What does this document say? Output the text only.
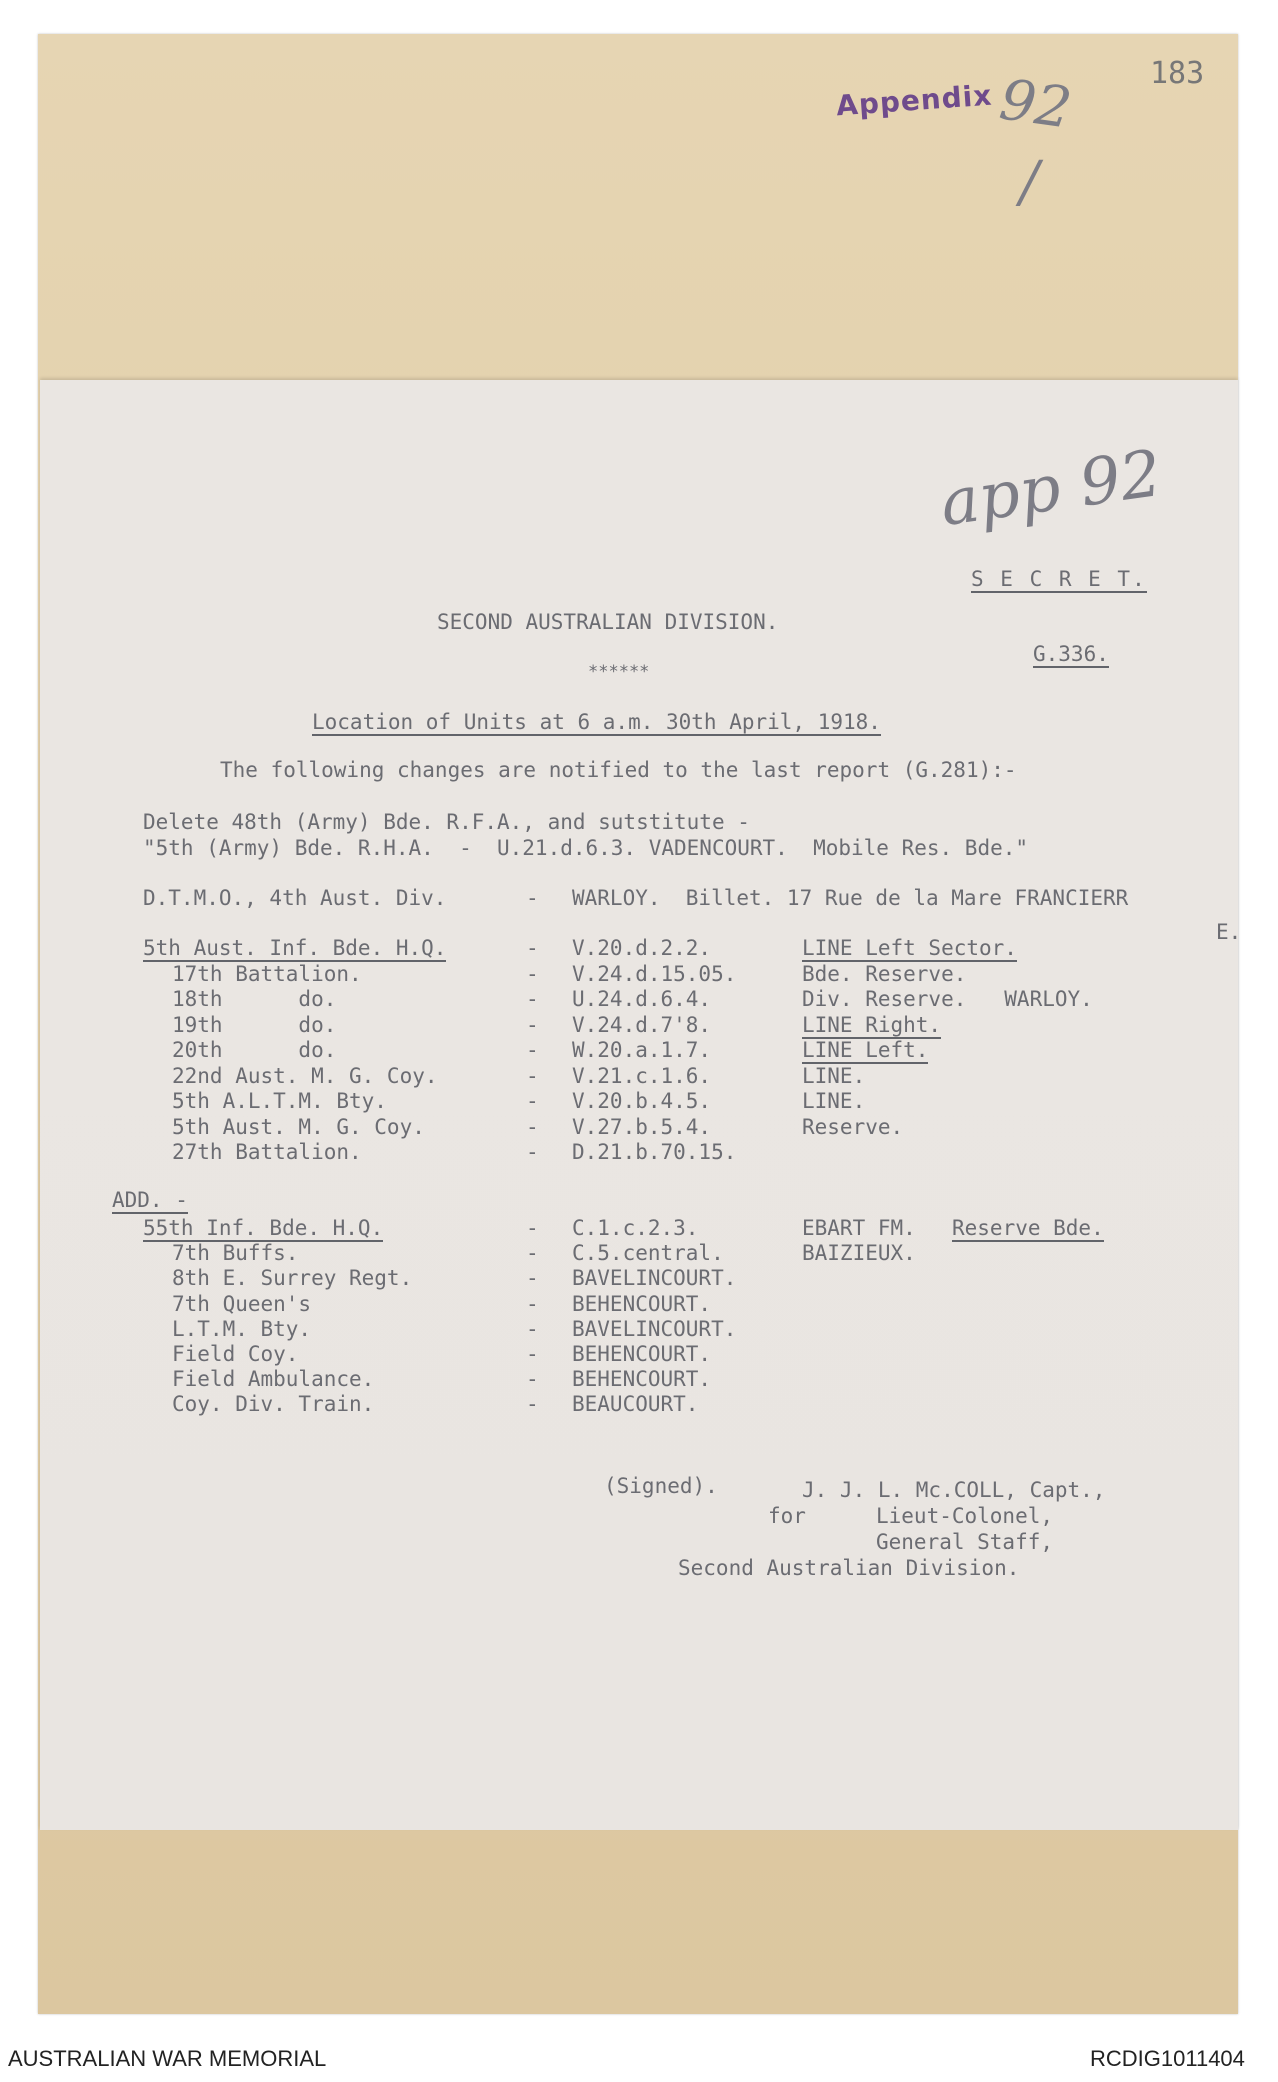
183
Appendix 92
/
app 92
S E C R E T.
SECOND AUSTRALIAN DIVISION.
G.336.
******
Location of Units at 6 a.m. 30th April, 1918.
The following changes are notified to the last report (G.281):-
Delete 48th (Army) Bde. R.F.A., and sutstitute -
"5th (Army) Bde. R.H.A.  -  U.21.d.6.3. VADENCOURT.  Mobile Res. Bde."
D.T.M.O., 4th Aust. Div.	- WARLOY.  Billet. 17 Rue de la Mare FRANCIERR
E.
5th Aust. Inf. Bde. H.Q.	- V.20.d.2.2.	LINE Left Sector.
17th Battalion.	- V.24.d.15.05.	Bde. Reserve.
18th      do.	- U.24.d.6.4.	Div. Reserve.   WARLOY.
19th      do.	- V.24.d.7'8.	LINE Right.
20th      do.	- W.20.a.1.7.	LINE Left.
22nd Aust. M. G. Coy.	- V.21.c.1.6.	LINE.
5th A.L.T.M. Bty.	- V.20.b.4.5.	LINE.
5th Aust. M. G. Coy.	- V.27.b.5.4.	Reserve.
27th Battalion.	- D.21.b.70.15.
ADD. -
55th Inf. Bde. H.Q.	- C.1.c.2.3.	EBART FM. Reserve Bde.
7th Buffs.	- C.5.central.	BAIZIEUX.
8th E. Surrey Regt.	- BAVELINCOURT.
7th Queen's	- BEHENCOURT.
L.T.M. Bty.	- BAVELINCOURT.
Field Coy.	- BEHENCOURT.
Field Ambulance.	- BEHENCOURT.
Coy. Div. Train.	- BEAUCOURT.
(Signed).	J. J. L. Mc.COLL, Capt.,
for	Lieut-Colonel,
General Staff,
Second Australian Division.
AUSTRALIAN WAR MEMORIAL	RCDIG1011404
